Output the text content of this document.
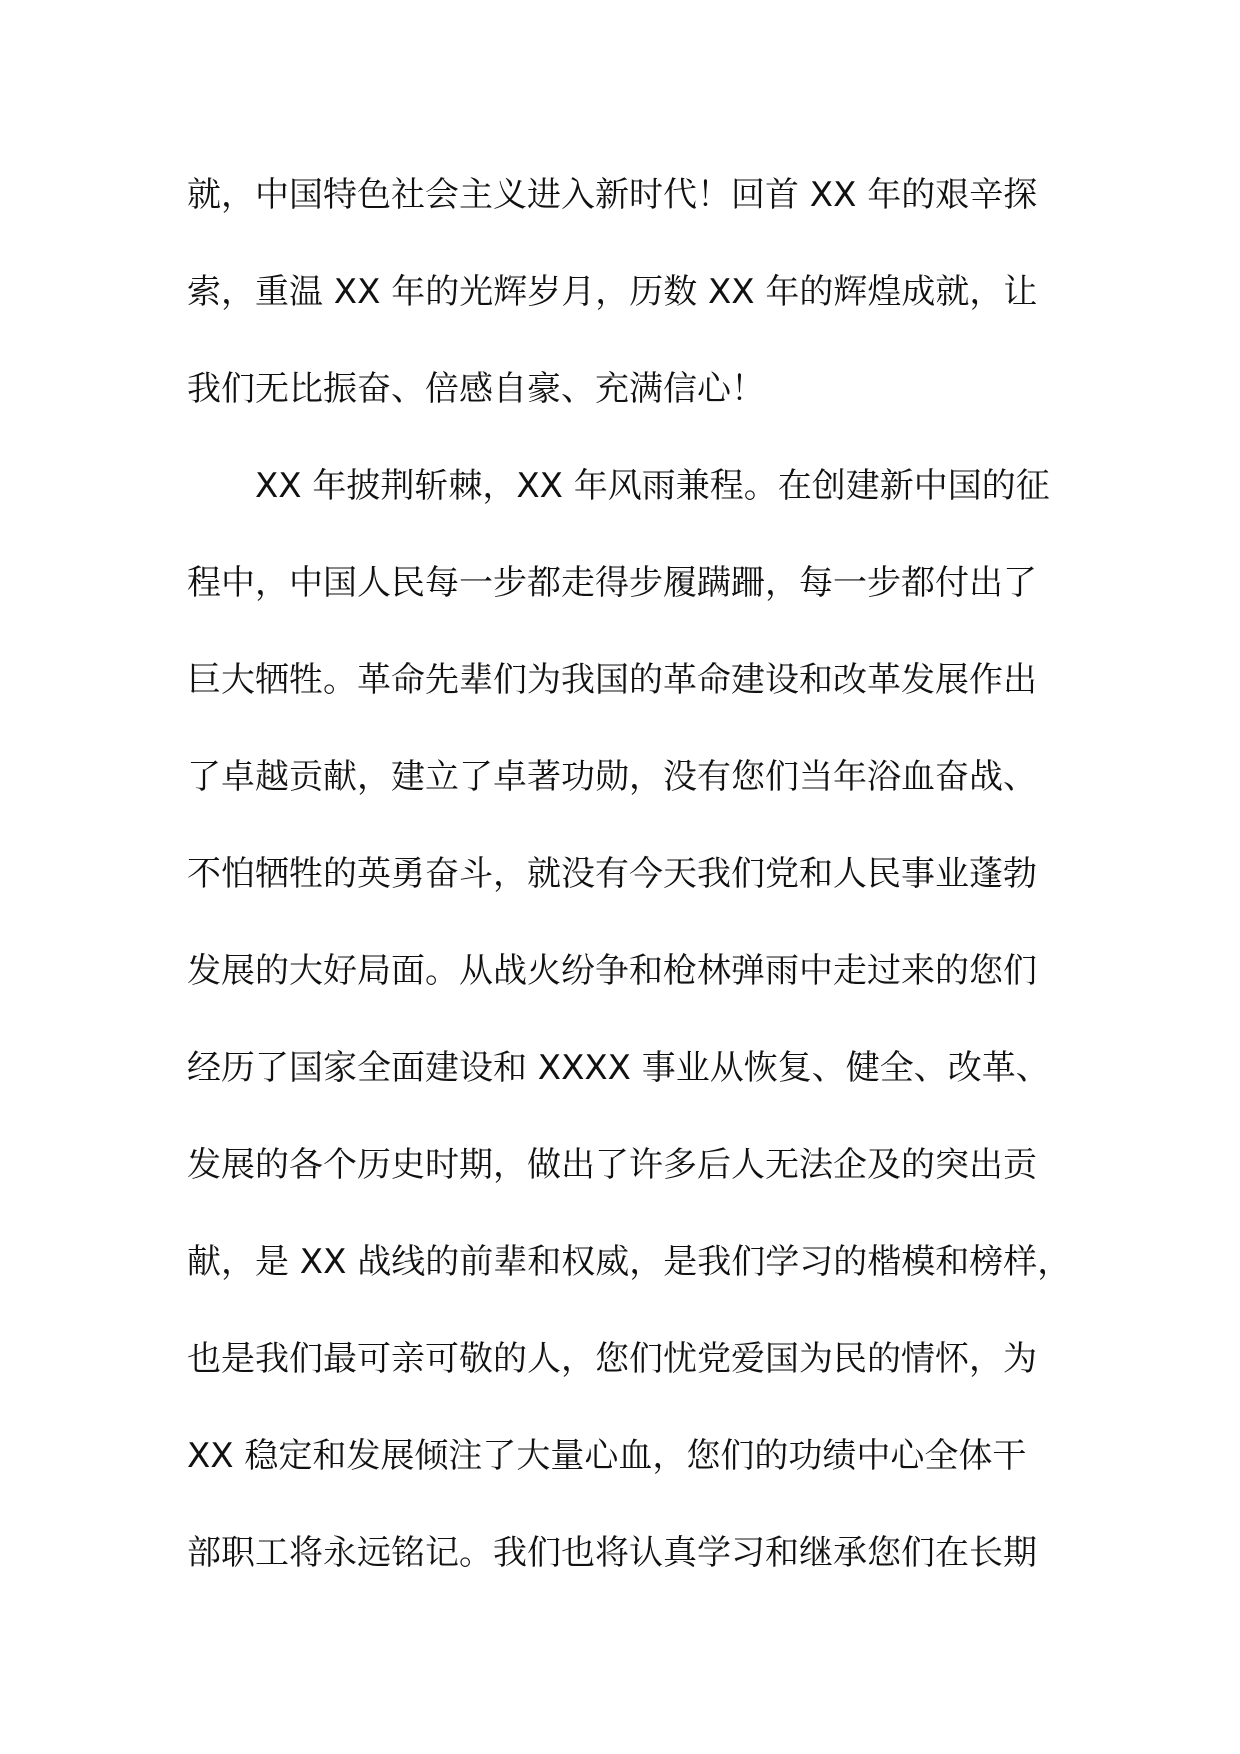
就，中国特色社会主义进入新时代！回首 XX 年的艰辛探
索，重温 XX 年的光辉岁月，历数 XX 年的辉煌成就，让
我们无比振奋、倍感自豪、充满信心！
XX 年披荆斩棘，XX 年风雨兼程。在创建新中国的征
程中，中国人民每一步都走得步履蹒跚，每一步都付出了
巨大牺牲。革命先辈们为我国的革命建设和改革发展作出
了卓越贡献，建立了卓著功勋，没有您们当年浴血奋战、
不怕牺牲的英勇奋斗，就没有今天我们党和人民事业蓬勃
发展的大好局面。从战火纷争和枪林弹雨中走过来的您们
经历了国家全面建设和 XXXX 事业从恢复、健全、改革、
发展的各个历史时期，做出了许多后人无法企及的突出贡
献，是 XX 战线的前辈和权威，是我们学习的楷模和榜样，
也是我们最可亲可敬的人，您们忧党爱国为民的情怀，为
XX 稳定和发展倾注了大量心血，您们的功绩中心全体干
部职工将永远铭记。我们也将认真学习和继承您们在长期
